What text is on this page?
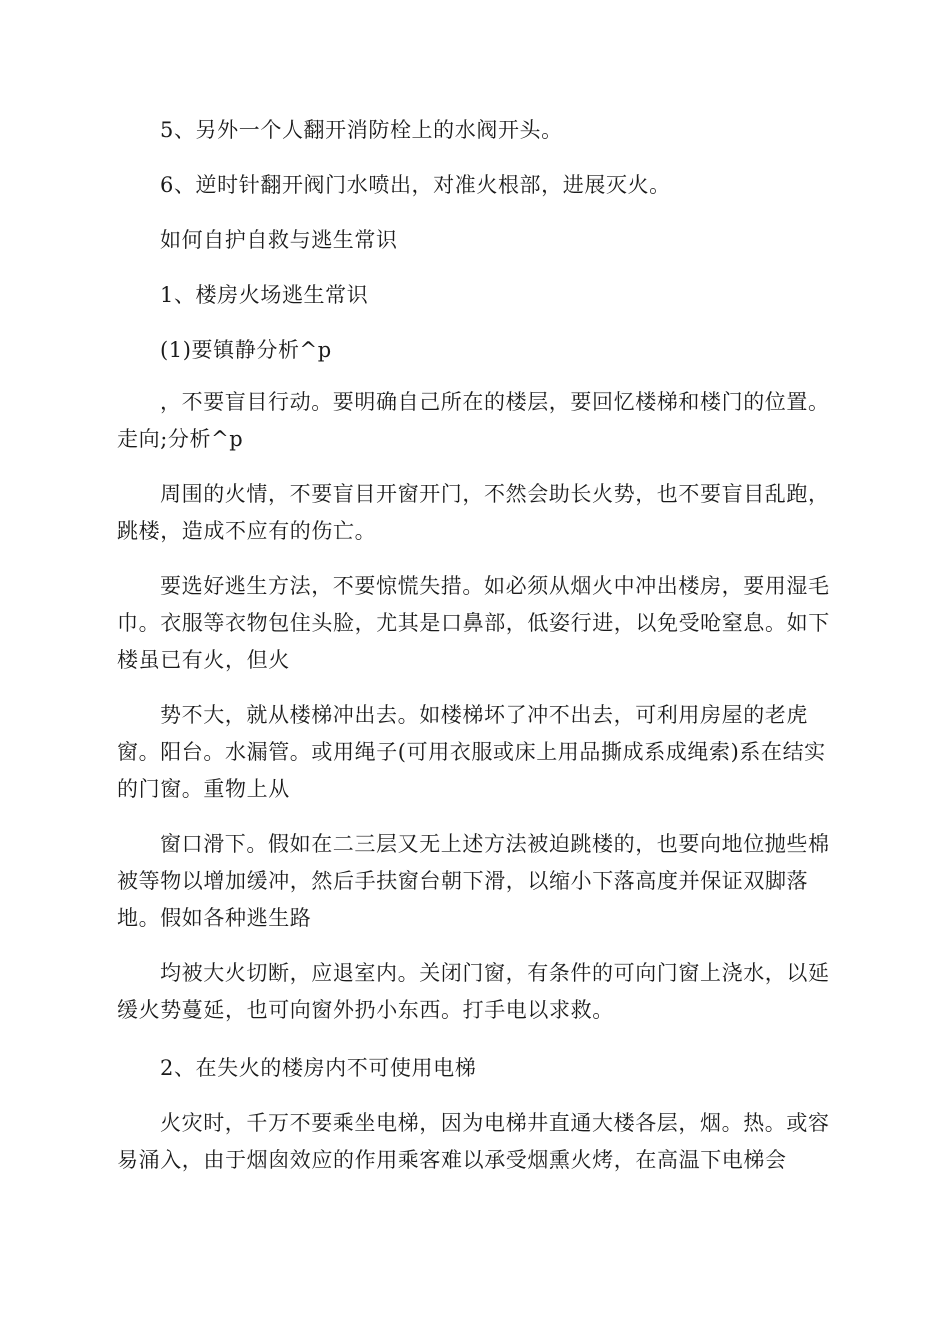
5、另外一个人翻开消防栓上的水阀开头。

6、逆时针翻开阀门水喷出，对准火根部，进展灭火。

如何自护自救与逃生常识

1、楼房火场逃生常识

(1)要镇静分析^p

，不要盲目行动。要明确自己所在的楼层，要回忆楼梯和楼门的位置。走向;分析^p

周围的火情，不要盲目开窗开门，不然会助长火势，也不要盲目乱跑，跳楼，造成不应有的伤亡。

要选好逃生方法，不要惊慌失措。如必须从烟火中冲出楼房，要用湿毛巾。衣服等衣物包住头脸，尤其是口鼻部，低姿行进，以免受呛窒息。如下楼虽已有火，但火

势不大，就从楼梯冲出去。如楼梯坏了冲不出去，可利用房屋的老虎窗。阳台。水漏管。或用绳子(可用衣服或床上用品撕成系成绳索)系在结实的门窗。重物上从

窗口滑下。假如在二三层又无上述方法被迫跳楼的，也要向地位抛些棉被等物以增加缓冲，然后手扶窗台朝下滑，以缩小下落高度并保证双脚落地。假如各种逃生路

均被大火切断，应退室内。关闭门窗，有条件的可向门窗上浇水，以延缓火势蔓延，也可向窗外扔小东西。打手电以求救。

2、在失火的楼房内不可使用电梯

火灾时，千万不要乘坐电梯，因为电梯井直通大楼各层，烟。热。或容易涌入，由于烟囱效应的作用乘客难以承受烟熏火烤，在高温下电梯会
